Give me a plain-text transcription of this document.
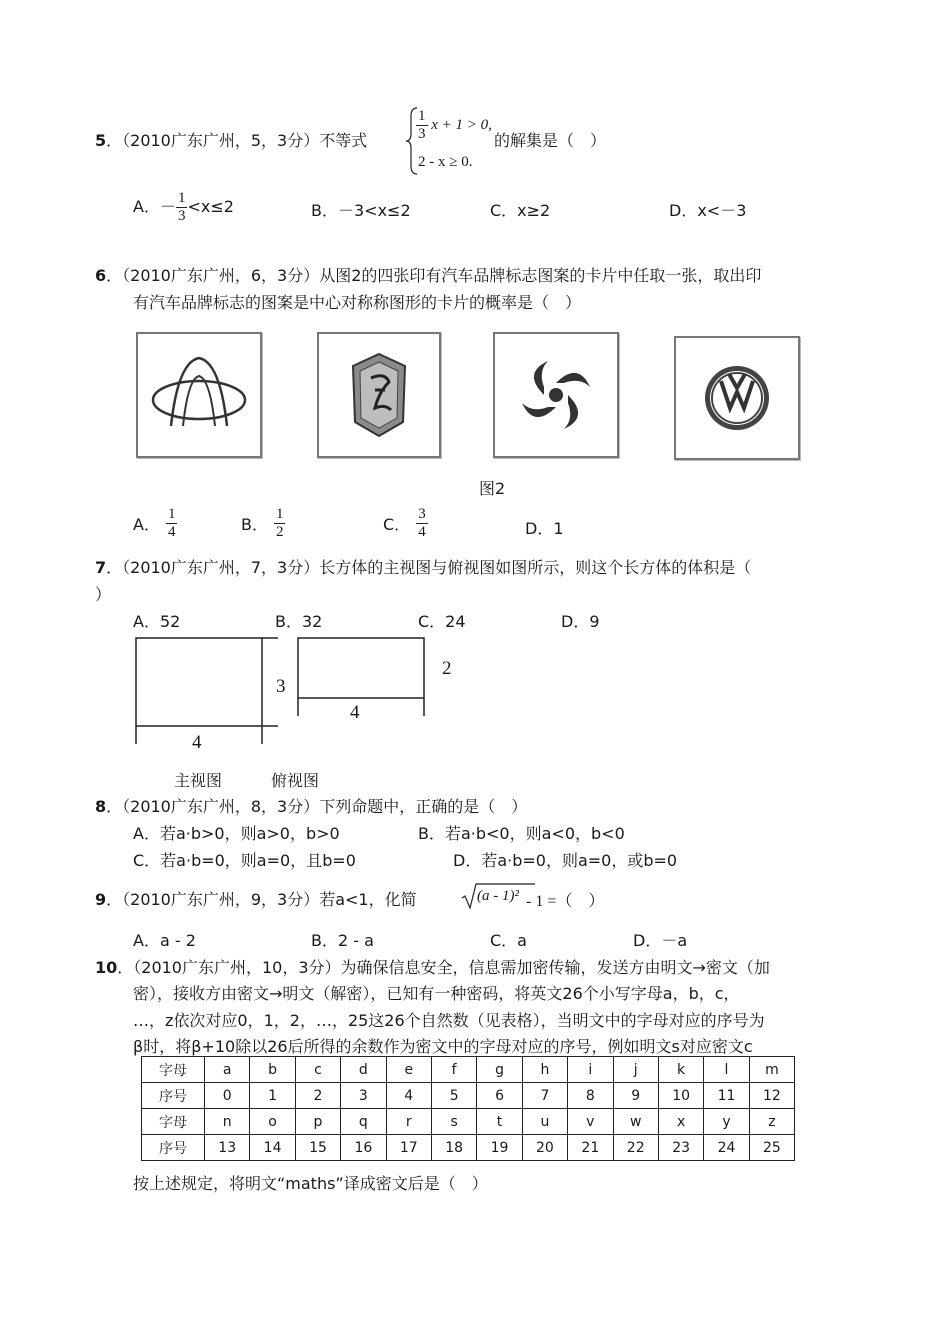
5．（2010广东广州，5，3分）不等式	$\frac{1}{3}$ x + 1 > 0,
2 - x ≥ 0.
的解集是（　）
A．－ $\frac{1}{3} <x\le 2$	B．－3<x≤2	C．x≥2	D．x<－3
6．（2010广东广州，6，3分）从图2的四张印有汽车品牌标志图案的卡片中任取一张，取出印
有汽车品牌标志的图案是中心对称称图形的卡片的概率是（　）
图2
A． $\frac{1}{4}$	B． $\frac{1}{2}$	C． $\frac{3}{4}$	D．1
7．（2010广东广州，7，3分）长方体的主视图与俯视图如图所示，则这个长方体的体积是（
）
A．52	B．32	C．24	D．9
3
4
2
4
主视图	俯视图
8．（2010广东广州，8，3分）下列命题中，正确的是（　）
A．若a·b>0，则a>0，b>0	B．若a·b<0，则a<0，b<0
C．若a·b=0，则a=0，且b=0	D．若a·b=0，则a=0，或b=0
9．（2010广东广州，9，3分）若a<1，化简	(a - 1)² - 1 =（　）
A．a - 2	B．2 - a	C．a	D．－a
10．（2010广东广州，10，3分）为确保信息安全，信息需加密传输，发送方由明文→密文（加
密），接收方由密文→明文（解密），已知有一种密码，将英文26个小写字母a，b，c，
…，z依次对应0，1，2，…，25这26个自然数（见表格），当明文中的字母对应的序号为
β时，将β+10除以26后所得的余数作为密文中的字母对应的序号，例如明文s对应密文c
字母	a	b	c	d	e	f	g	h	i	j	k	l	m
序号	0	1	2	3	4	5	6	7	8	9	10	11	12
字母	n	o	p	q	r	s	t	u	v	w	x	y	z
序号	13	14	15	16	17	18	19	20	21	22	23	24	25
按上述规定，将明文“maths”译成密文后是（　）
